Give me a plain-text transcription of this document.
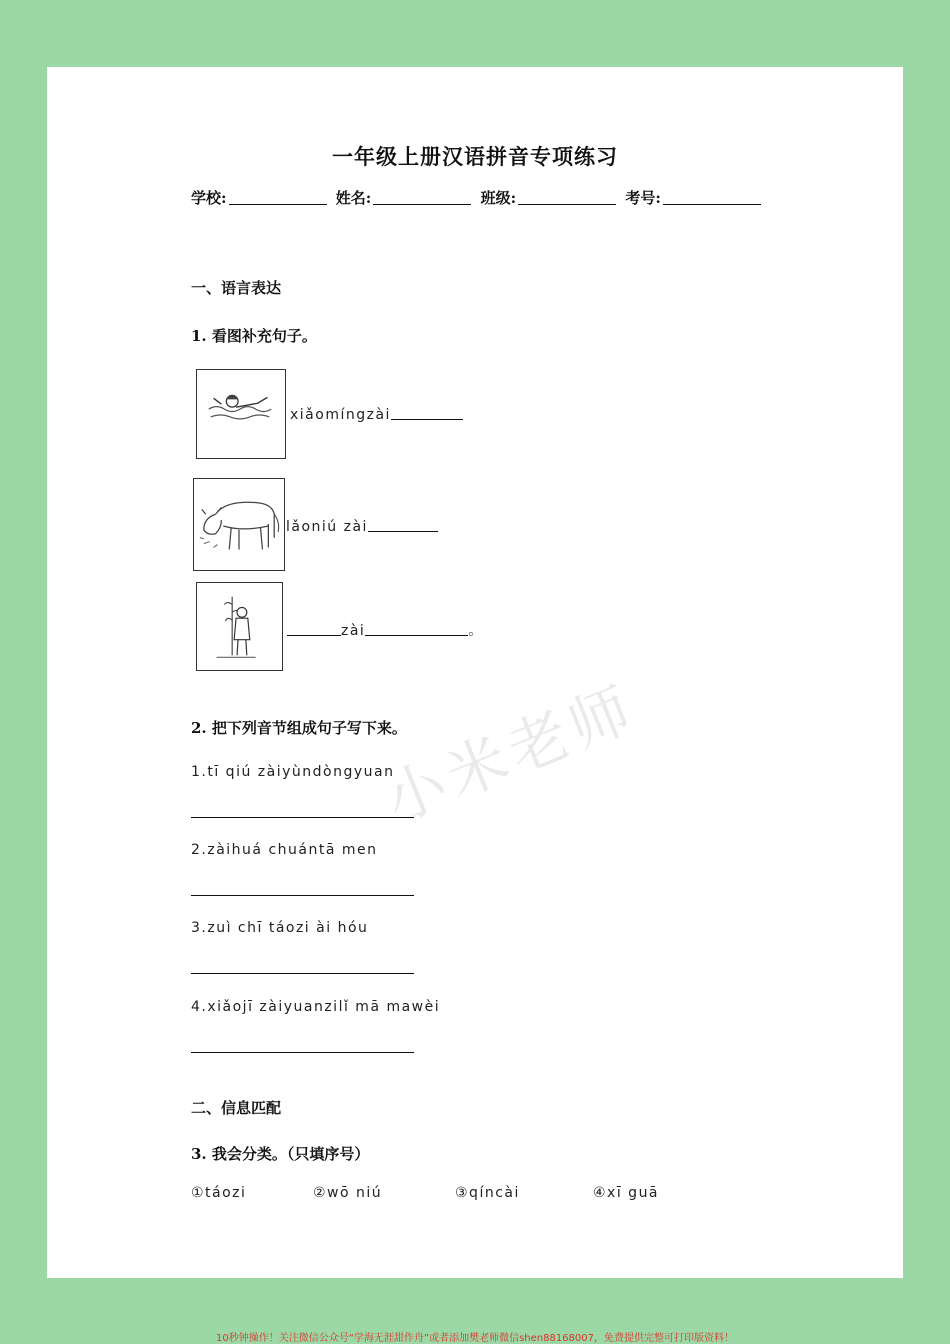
一年级上册汉语拼音专项练习
学校:	姓名:	班级:	考号:
一、语言表达
1. 看图补充句子。
xiǎomíngzài
lǎoniú zài
zài	。
小米老师
2. 把下列音节组成句子写下来。
1.tī qiú zàiyùndòngyuan
2.zàihuá chuántā men
3.zuì chī táozi ài hóu
4.xiǎojī zàiyuanzilǐ mā mawèi
二、信息匹配
3. 我会分类。（只填序号）
①táozi	②wō niú	③qíncài	④xī guā
10秒钟操作！关注微信公众号“学海无涯甜作舟”或者添加樊老师微信shen88168007，免费提供完整可打印版资料！
